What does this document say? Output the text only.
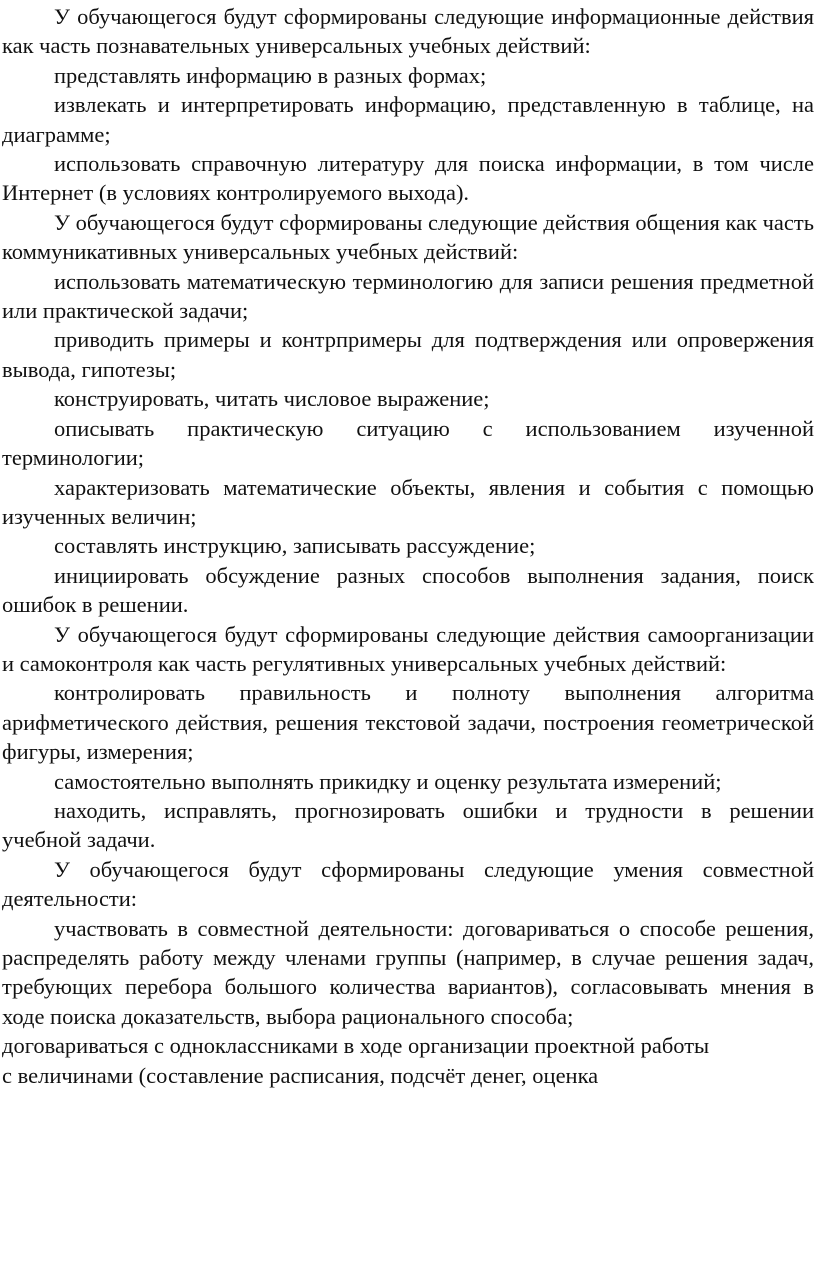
У обучающегося будут сформированы следующие информационные действия как часть познавательных универсальных учебных действий:

представлять информацию в разных формах;

извлекать и интерпретировать информацию, представленную в таблице, на диаграмме;

использовать справочную литературу для поиска информации, в том числе Интернет (в условиях контролируемого выхода).

У обучающегося будут сформированы следующие действия общения как часть коммуникативных универсальных учебных действий:

использовать математическую терминологию для записи решения предметной или практической задачи;

приводить примеры и контрпримеры для подтверждения или опровержения вывода, гипотезы;

конструировать, читать числовое выражение;

описывать практическую ситуацию с использованием изученной терминологии;

характеризовать математические объекты, явления и события с помощью изученных величин;

составлять инструкцию, записывать рассуждение;

инициировать обсуждение разных способов выполнения задания, поиск ошибок в решении.

У обучающегося будут сформированы следующие действия самоорганизации и самоконтроля как часть регулятивных универсальных учебных действий:

контролировать правильность и полноту выполнения алгоритма арифметического действия, решения текстовой задачи, построения геометрической фигуры, измерения;

самостоятельно выполнять прикидку и оценку результата измерений;

находить, исправлять, прогнозировать ошибки и трудности в решении учебной задачи.

У обучающегося будут сформированы следующие умения совместной деятельности:

участвовать в совместной деятельности: договариваться о способе решения, распределять работу между членами группы (например, в случае решения задач, требующих перебора большого количества вариантов), согласовывать мнения в ходе поиска доказательств, выбора рационального способа;

договариваться с одноклассниками в ходе организации проектной работы

с величинами (составление расписания, подсчёт денег, оценка
